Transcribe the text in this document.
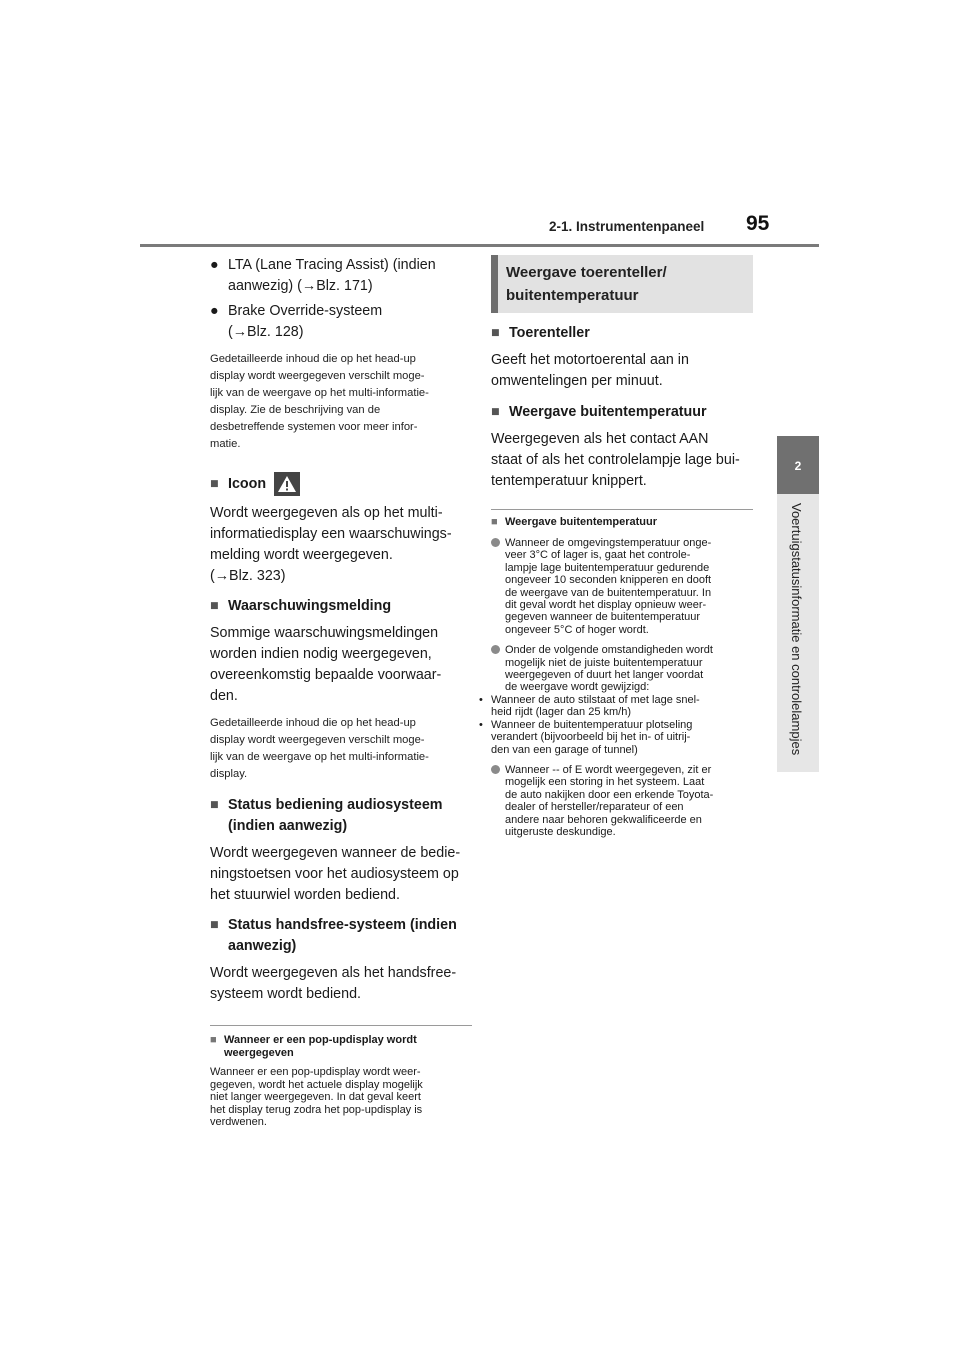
2-1. Instrumentenpaneel 95
2
Voertuigstatusinformatie en controlelampjes
● LTA (Lane Tracing Assist) (indien
aanwezig) (→Blz. 171)
● Brake Override-systeem
(→Blz. 128)
Gedetailleerde inhoud die op het head-up
display wordt weergegeven verschilt moge-
lijk van de weergave op het multi-informatie-
display. Zie de beschrijving van de
desbetreffende systemen voor meer infor-
matie.
■ Icoon
Wordt weergegeven als op het multi-
informatiedisplay een waarschuwings-
melding wordt weergegeven.
(→Blz. 323)
■ Waarschuwingsmelding
Sommige waarschuwingsmeldingen
worden indien nodig weergegeven,
overeenkomstig bepaalde voorwaar-
den.
Gedetailleerde inhoud die op het head-up
display wordt weergegeven verschilt moge-
lijk van de weergave op het multi-informatie-
display.
■ Status bediening audiosysteem
(indien aanwezig)
Wordt weergegeven wanneer de bedie-
ningstoetsen voor het audiosysteem op
het stuurwiel worden bediend.
■ Status handsfree-systeem (indien
aanwezig)
Wordt weergegeven als het handsfree-
systeem wordt bediend.
■ Wanneer er een pop-updisplay wordt
weergegeven
Wanneer er een pop-updisplay wordt weer-
gegeven, wordt het actuele display mogelijk
niet langer weergegeven. In dat geval keert
het display terug zodra het pop-updisplay is
verdwenen.
Weergave toerenteller/
buitentemperatuur
■ Toerenteller
Geeft het motortoerental aan in
omwentelingen per minuut.
■ Weergave buitentemperatuur
Weergegeven als het contact AAN
staat of als het controlelampje lage bui-
tentemperatuur knippert.
■ Weergave buitentemperatuur
Wanneer de omgevingstemperatuur onge-
veer 3°C of lager is, gaat het controle-
lampje lage buitentemperatuur gedurende
ongeveer 10 seconden knipperen en dooft
de weergave van de buitentemperatuur. In
dit geval wordt het display opnieuw weer-
gegeven wanneer de buitentemperatuur
ongeveer 5°C of hoger wordt.
Onder de volgende omstandigheden wordt
mogelijk niet de juiste buitentemperatuur
weergegeven of duurt het langer voordat
de weergave wordt gewijzigd:
• Wanneer de auto stilstaat of met lage snel-
heid rijdt (lager dan 25 km/h)
• Wanneer de buitentemperatuur plotseling
verandert (bijvoorbeeld bij het in- of uitrij-
den van een garage of tunnel)
Wanneer -- of E wordt weergegeven, zit er
mogelijk een storing in het systeem. Laat
de auto nakijken door een erkende Toyota-
dealer of hersteller/reparateur of een
andere naar behoren gekwalificeerde en
uitgeruste deskundige.
